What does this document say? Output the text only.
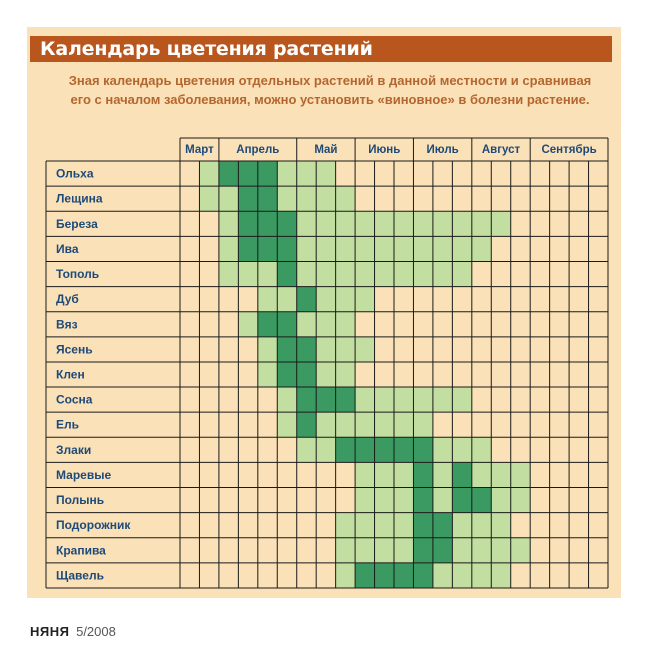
Календарь цветения растений
Зная календарь цветения отдельных растений в данной местности и сравнивая
его с началом заболевания, можно установить «виновное» в болезни растение.
Ольха
Лещина
Береза
Ива
Тополь
Дуб
Вяз
Ясень
Клен
Сосна
Ель
Злаки
Маревые
Полынь
Подорожник
Крапива
Щавель
Март Апрель	Май	Июнь Июль Август Сентябрь
НЯНЯ 5/2008
